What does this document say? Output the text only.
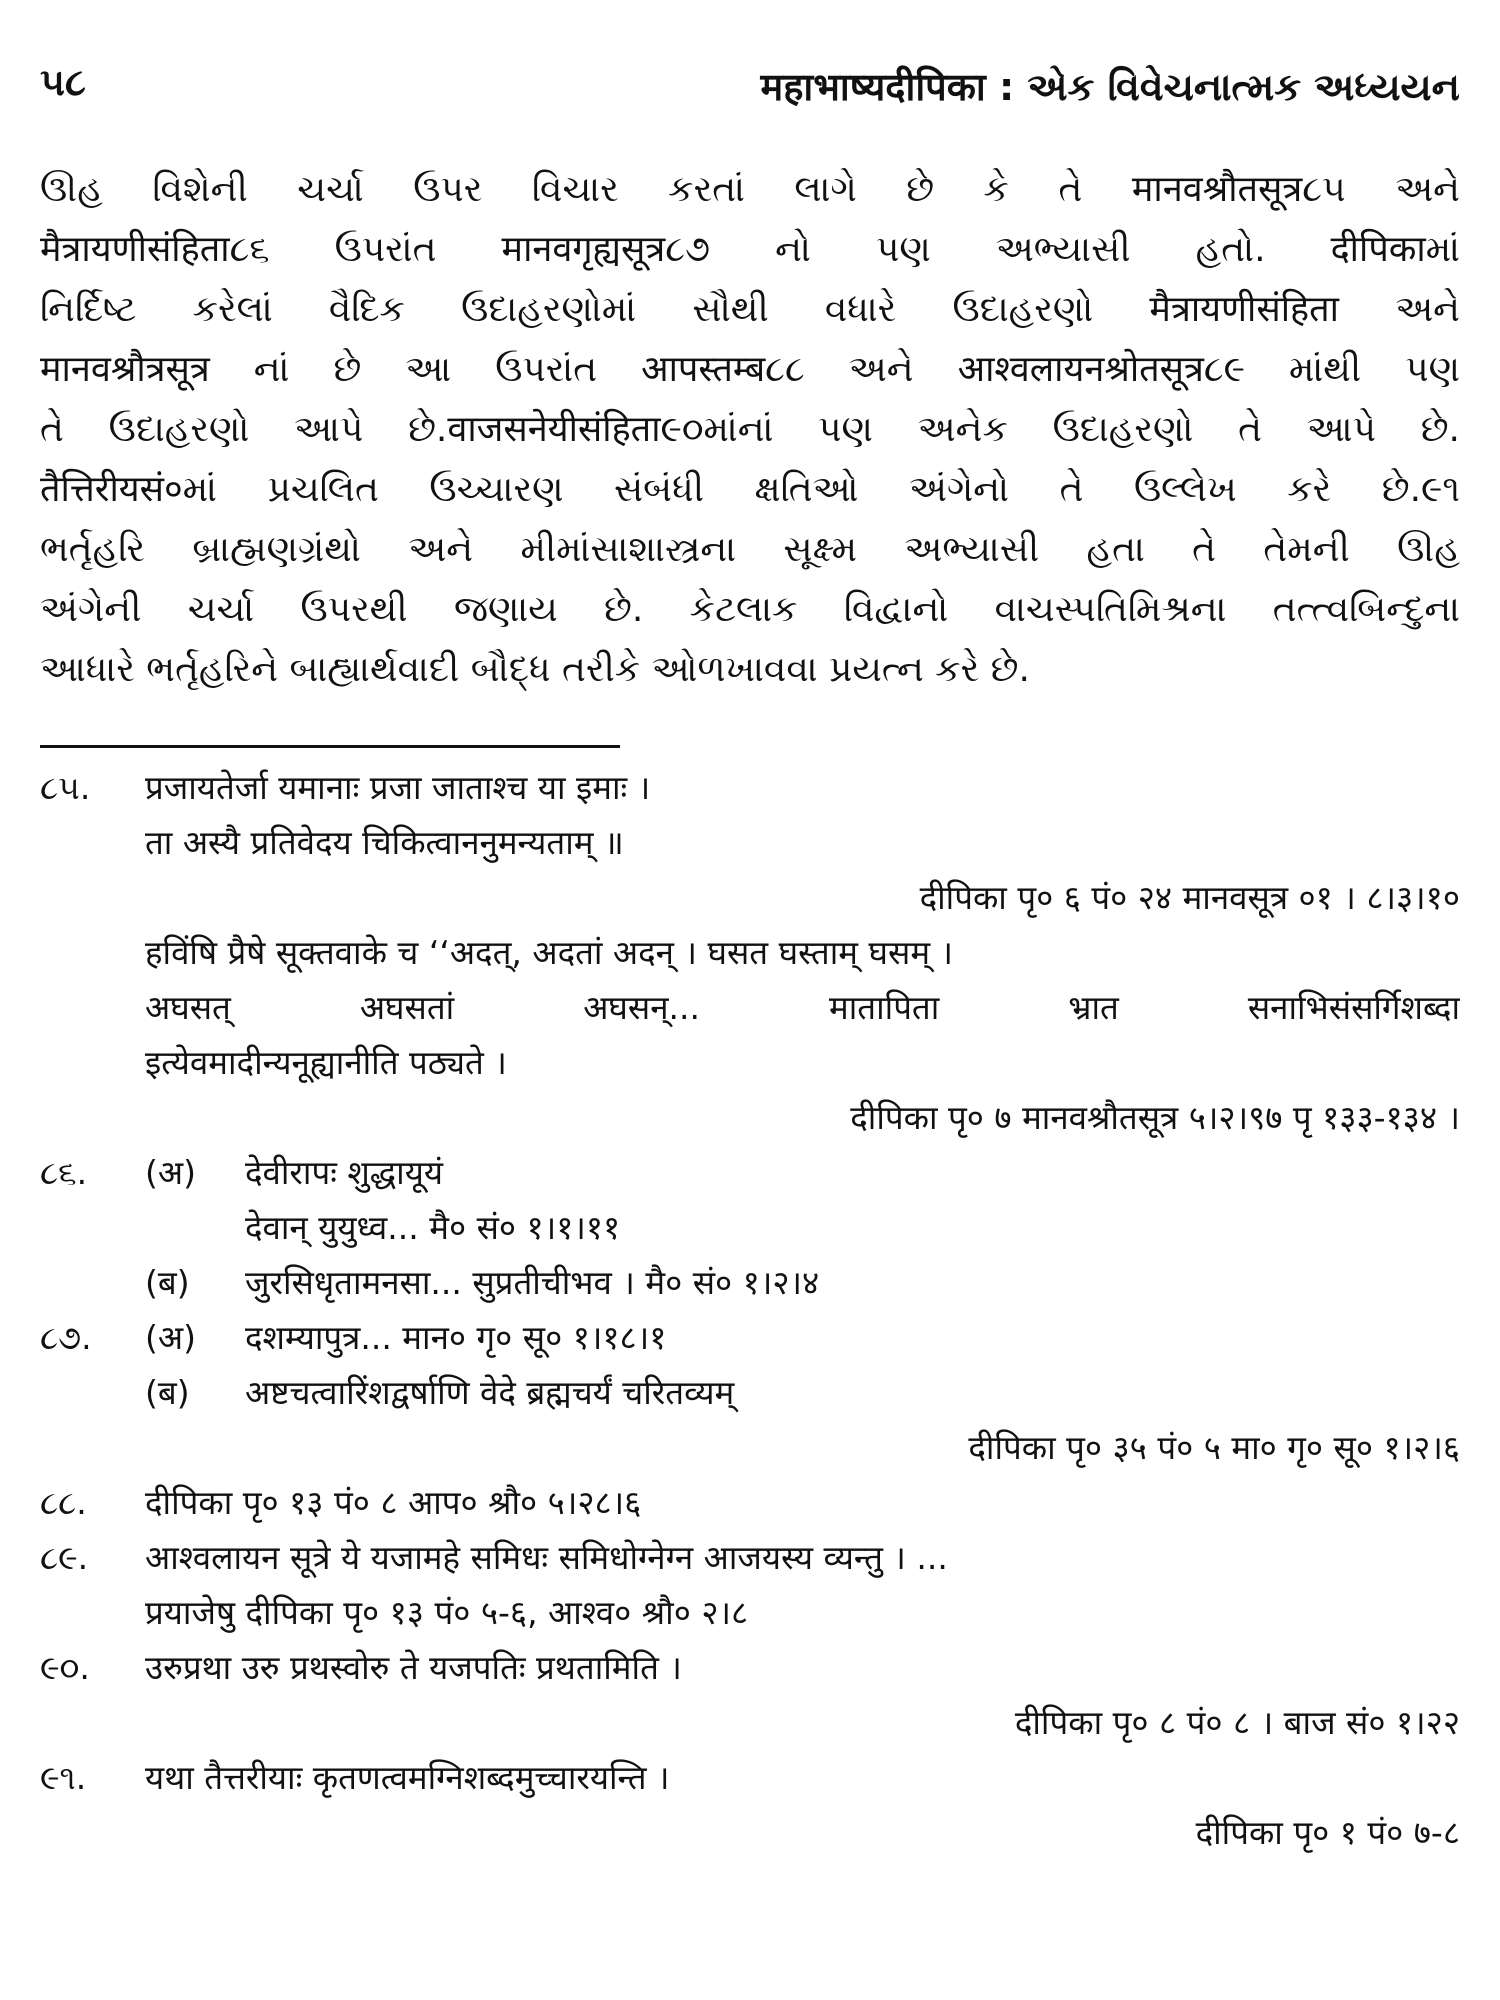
૫૮	महाभाष्यदीपिका : એક વિવેચનાત્મક અધ્યયન
ઊહ વિશેની ચર્ચા ઉપર વિચાર કરતાં લાગે છે કે તે मानवश्रौतसूत्र૮૫ અને
मैत्रायणीसंहिता૮૬ ઉપરાંત मानवगृह्यसूत्र૮૭ નો પણ અભ્યાસી હતો. दीपिकाમાં
નિર્દિષ્ટ કરેલાં વૈદિક ઉદાહરણોમાં સૌથી વધારે ઉદાહરણો मैत्रायणीसंहिता અને
मानवश्रौत्रसूत्र નાં છે આ ઉપરાંત आपस्तम्ब૮૮ અને आश्वलायनश्रोतसूत्र૮૯ માંથી પણ
તે ઉદાહરણો આપે છે.वाजसनेयीसंहिता૯૦માંનાં પણ અનેક ઉદાહરણો તે આપે છે.
तैत्तिरीयसं०માં પ્રચલિત ઉચ્ચારણ સંબંધી ક્ષતિઓ અંગેનો તે ઉલ્લેખ કરે છે.૯૧
ભર્તૃહરિ બ્રાહ્મણગ્રંથો અને મીમાંસાશાસ્ત્રના સૂક્ષ્મ અભ્યાસી હતા તે તેમની ઊહ
અંગેની ચર્ચા ઉપરથી જણાય છે. કેટલાક વિદ્વાનો વાચસ્પતિમિશ્રના તત્ત્વબિન્દુના
આધારે ભર્તૃહરિને બાહ્યાર્થવાદી બૌદ્ધ તરીકે ઓળખાવવા પ્રયત્ન કરે છે.
૮૫. प्रजायतेर्जा यमानाः प्रजा जाताश्च या इमाः ।
ता अस्यै प्रतिवेदय चिकित्वाननुमन्यताम् ॥
दीपिका पृ० ६ पं० २४ मानवसूत्र ०१ । ८।३।१०
हविंषि प्रैषे सूक्तवाके च ‘‘अदत्, अदतां अदन् । घसत घस्ताम् घसम् ।
अघसत् अघसतां अघसन्... मातापिता भ्रात सनाभिसंसर्गिशब्दा
इत्येवमादीन्यनूह्यानीति पठ्यते ।
दीपिका पृ० ७ मानवश्रौतसूत्र ५।२।९७ पृ १३३-१३४ ।
૮૬. (अ) देवीरापः शुद्धायूयं
देवान् युयुध्व... मै० सं० १।१।११
(ब) जुरसिधृतामनसा... सुप्रतीचीभव । मै० सं० १।२।४
૮૭. (अ) दशम्यापुत्र... मान० गृ० सू० १।१८।१
(ब) अष्टचत्वारिंशद्वर्षाणि वेदे ब्रह्मचर्यं चरितव्यम्
दीपिका पृ० ३५ पं० ५ मा० गृ० सू० १।२।६
૮૮. दीपिका पृ० १३ पं० ८ आप० श्रौ० ५।२८।६
૮૯. आश्वलायन सूत्रे ये यजामहे समिधः समिधोग्नेग्न आजयस्य व्यन्तु । ...
प्रयाजेषु दीपिका पृ० १३ पं० ५-६, आश्व० श्रौ० २।८
૯૦. उरुप्रथा उरु प्रथस्वोरु ते यजपतिः प्रथतामिति ।
दीपिका पृ० ८ पं० ८ । बाज सं० १।२२
૯૧. यथा तैत्तरीयाः कृतणत्वमग्निशब्दमुच्चारयन्ति ।
दीपिका पृ० १ पं० ७-८
